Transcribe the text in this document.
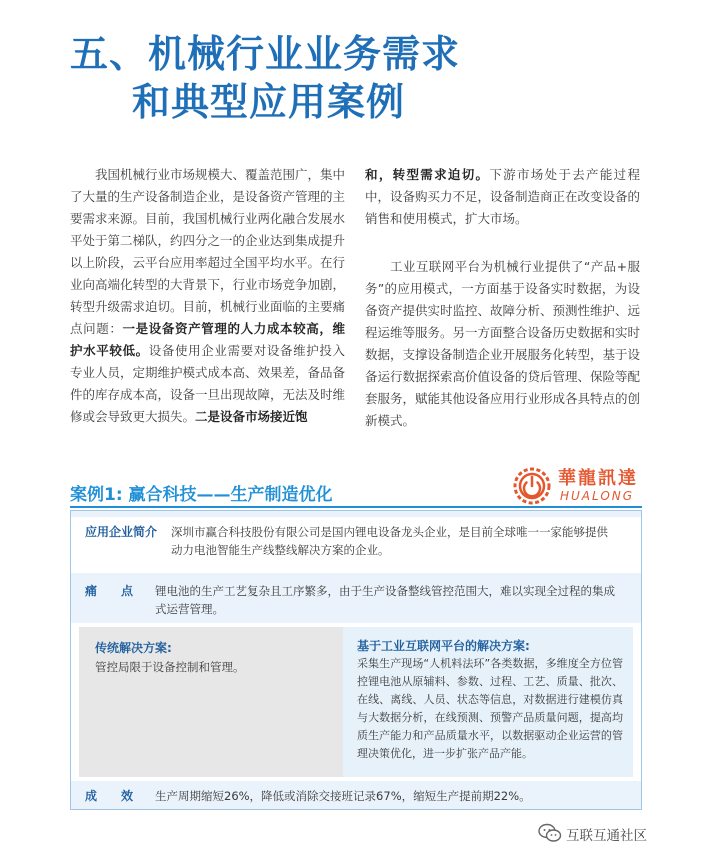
五、机械行业业务需求
和典型应用案例

我国机械行业市场规模大、覆盖范围广，集中了大量的生产设备制造企业，是设备资产管理的主要需求来源。目前，我国机械行业两化融合发展水平处于第二梯队，约四分之一的企业达到集成提升以上阶段，云平台应用率超过全国平均水平。在行业向高端化转型的大背景下，行业市场竞争加剧，转型升级需求迫切。目前，机械行业面临的主要痛点问题：一是设备资产管理的人力成本较高，维护水平较低。设备使用企业需要对设备维护投入专业人员，定期维护模式成本高、效果差，备品备件的库存成本高，设备一旦出现故障，无法及时维修或会导致更大损失。二是设备市场接近饱

和，转型需求迫切。下游市场处于去产能过程中，设备购买力不足，设备制造商正在改变设备的销售和使用模式，扩大市场。

工业互联网平台为机械行业提供了“产品+服务”的应用模式，一方面基于设备实时数据，为设备资产提供实时监控、故障分析、预测性维护、远程运维等服务。另一方面整合设备历史数据和实时数据，支撑设备制造企业开展服务化转型，基于设备运行数据探索高价值设备的贷后管理、保险等配套服务，赋能其他设备应用行业形成各具特点的创新模式。

案例1: 赢合科技——生产制造优化
華龍訊達
HUALONG
应用企业简介 深圳市赢合科技股份有限公司是国内锂电设备龙头企业，是目前全球唯一一家能够提供动力电池智能生产线整线解决方案的企业。
痛　　点 锂电池的生产工艺复杂且工序繁多，由于生产设备整线管控范围大，难以实现全过程的集成式运营管理。
传统解决方案:
管控局限于设备控制和管理。
基于工业互联网平台的解决方案:
采集生产现场“人机料法环”各类数据，多维度全方位管控锂电池从原辅料、参数、过程、工艺、质量、批次、在线、离线、人员、状态等信息，对数据进行建模仿真与大数据分析，在线预测、预警产品质量问题，提高均质生产能力和产品质量水平，以数据驱动企业运营的管理决策优化，进一步扩张产品产能。
成　　效 生产周期缩短26%，降低或消除交接班记录67%，缩短生产提前期22%。
互联互通社区
